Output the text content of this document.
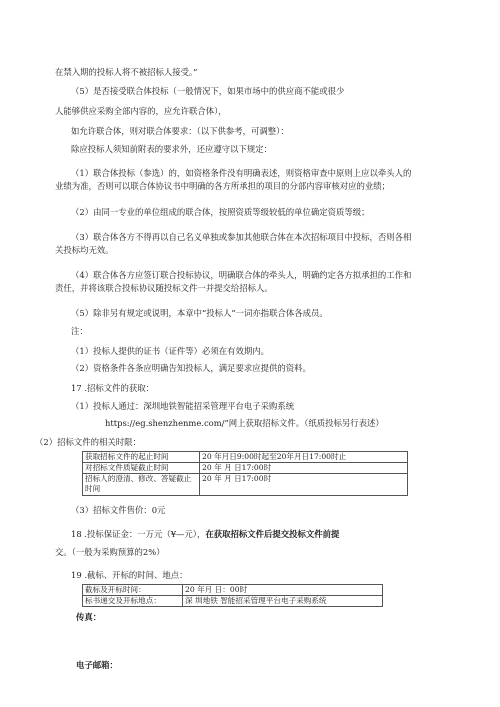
在禁入期的投标人将不被招标人接受。”
（5）是否接受联合体投标（一般情况下，如果市场中的供应商不能或很少
人能够供应采购全部内容的，应允许联合体），
如允许联合体，则对联合体要求：（以下供参考，可调整）：
除应投标人须知前附表的要求外，还应遵守以下规定：
（1）联合体投标（参选）的，如资格条件没有明确表述，则资格审查中原则上应以牵头人的
业绩为准，否则可以联合体协议书中明确的各方所承担的项目的分部内容审核对应的业绩；
（2）由同一专业的单位组成的联合体，按照资质等级较低的单位确定资质等级；
（3）联合体各方不得再以自己名义单独或参加其他联合体在本次招标项目中投标，否则各相
关投标均无效。
（4）联合体各方应签订联合投标协议，明确联合体的牵头人，明确约定各方拟承担的工作和
责任，并将该联合投标协议随投标文件一并提交给招标人。
（5）除非另有规定或说明，本章中“投标人”一词亦指联合体各成员。
注：
（1）投标人提供的证书（证件等）必须在有效期内。
（2）资格条件各条应明确告知投标人，满足要求应提供的资料。
17 .招标文件的获取：
（1）投标人通过：深圳地铁智能招采管理平台电子采购系统
https://eg.shenzhenme.com/”网上获取招标文件。（纸质投标另行表述）
（2）招标文件的相关时限：
获取招标文件的起止时间	20 年月日9:00时起至20年月日17:00时止
对招标文件质疑截止时间	20 年 月 日17:00时
招标人的澄清、修改、答疑截止时间	20 年 月 日17:00时
（3）招标文件售价：0元
18 .投标保证金：一万元（¥—元），在获取招标文件后提交投标文件前提
交。（一般为采购预算的2%）
19 .截标、开标的时间、地点：
截标及开标时间：	20 年月 日：00时
标书递交及开标地点：	深 圳地铁 智能招采管理平台电子采购系统
传真：
电子邮箱：
